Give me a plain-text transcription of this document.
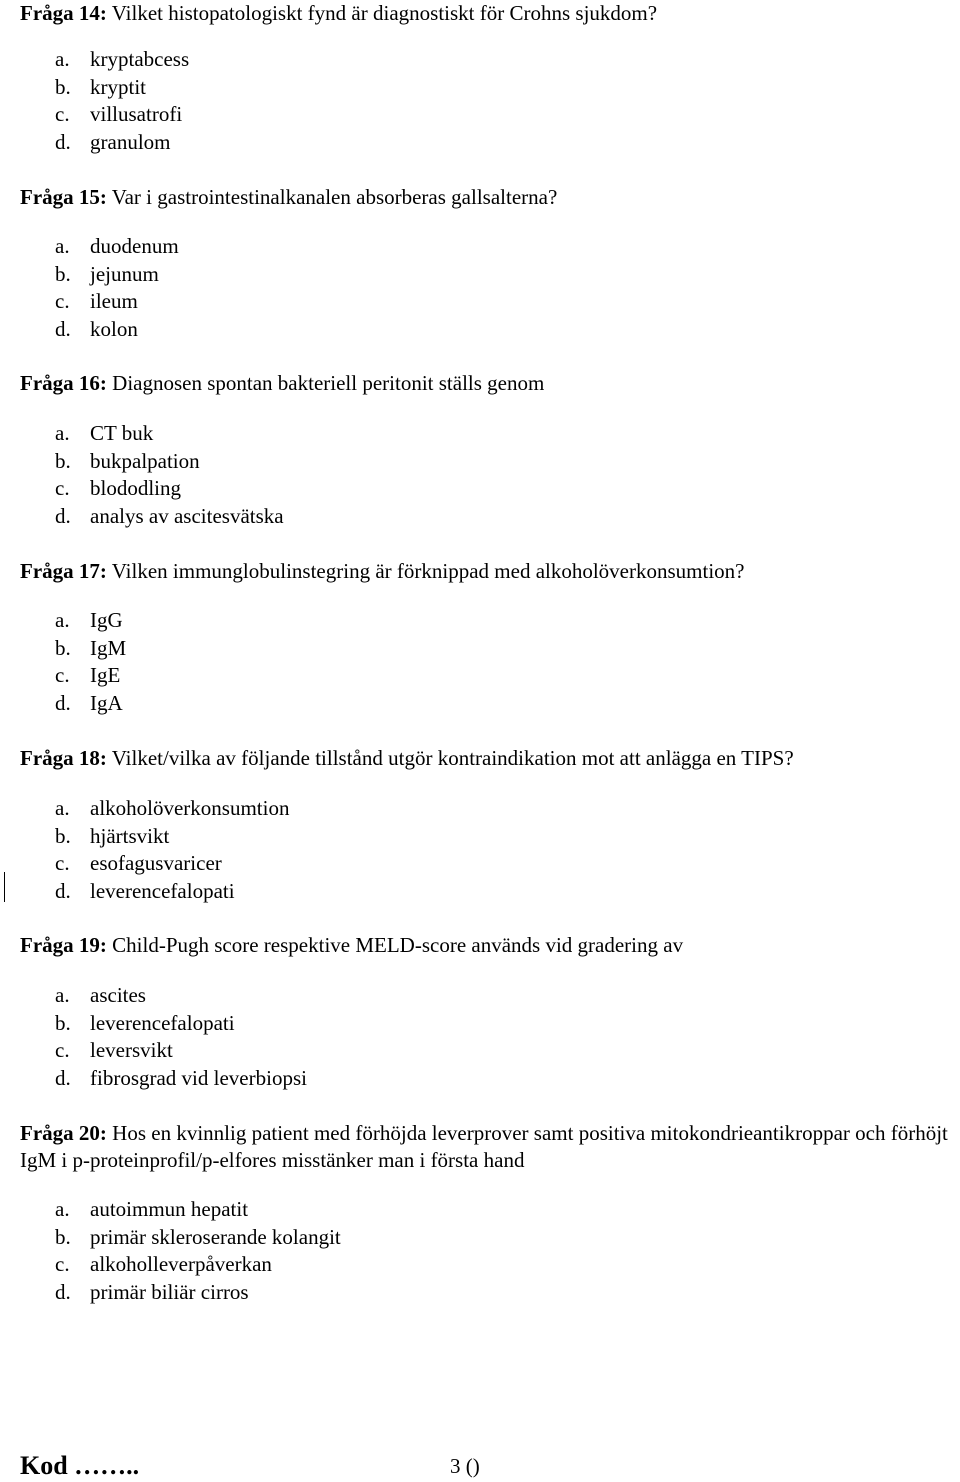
Fråga 14: Vilket histopatologiskt fynd är diagnostiskt för Crohns sjukdom?
a. kryptabcess
b. kryptit
c. villusatrofi
d. granulom
Fråga 15: Var i gastrointestinalkanalen absorberas gallsalterna?
a. duodenum
b. jejunum
c. ileum
d. kolon
Fråga 16: Diagnosen spontan bakteriell peritonit ställs genom
a. CT buk
b. bukpalpation
c. blododling
d. analys av ascitesvätska
Fråga 17: Vilken immunglobulinstegring är förknippad med alkoholöverkonsumtion?
a. IgG
b. IgM
c. IgE
d. IgA
Fråga 18: Vilket/vilka av följande tillstånd utgör kontraindikation mot att anlägga en TIPS?
a. alkoholöverkonsumtion
b. hjärtsvikt
c. esofagusvaricer
d. leverencefalopati
Fråga 19: Child-Pugh score respektive MELD-score används vid gradering av
a. ascites
b. leverencefalopati
c. leversvikt
d. fibrosgrad vid leverbiopsi
Fråga 20: Hos en kvinnlig patient med förhöjda leverprover samt positiva mitokondrieantikroppar och förhöjt IgM i p-proteinprofil/p-elfores misstänker man i första hand
a. autoimmun hepatit
b. primär skleroserande kolangit
c. alkoholleverpåverkan
d. primär biliär cirros
Kod ……..	3 ()
